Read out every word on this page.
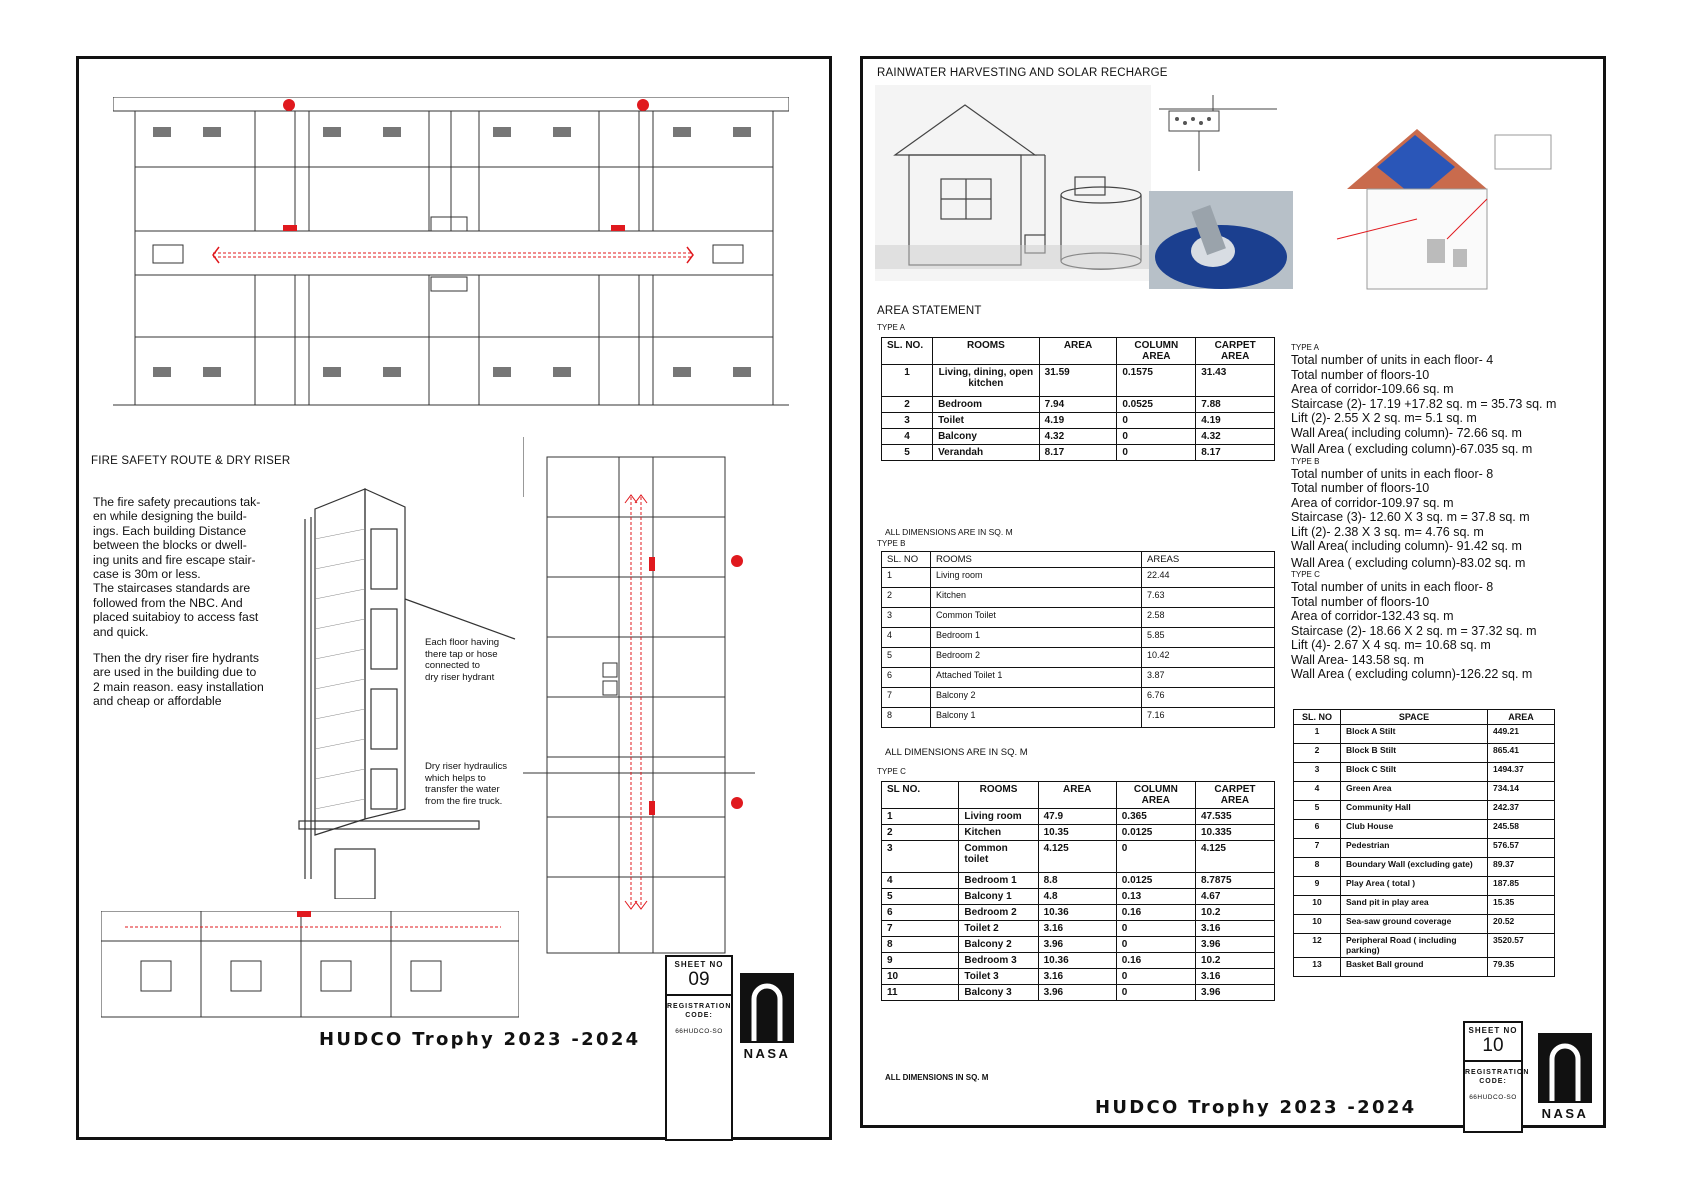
FIRE SAFETY ROUTE & DRY RISER
The fire safety precautions tak-
en while designing the build-
ings. Each building Distance
between the blocks or dwell-
ing units and fire escape stair-
case is 30m or less.
The staircases standards are
followed from the NBC. And
placed suitabioy to access fast
and quick.
Then the dry riser fire hydrants
are used in the building due to
2 main reason. easy installation
and cheap or affordable
Each floor having
there tap or hose
connected to
dry riser hydrant
Dry riser hydraulics
which helps to
transfer the water
from the fire truck.
HUDCO Trophy 2023 -2024
SHEET NO
09
REGISTRATION
CODE:
66HUDCO-SO
NASA
RAINWATER HARVESTING AND SOLAR RECHARGE
AREA STATEMENT
TYPE A
SL. NO.	ROOMS	AREA	COLUMN AREA	CARPET AREA
1	Living, dining, open kitchen	31.59	0.1575	31.43
2	Bedroom	7.94	0.0525	7.88
3	Toilet	4.19	0	4.19
4	Balcony	4.32	0	4.32
5	Verandah	8.17	0	8.17
ALL DIMENSIONS ARE IN SQ. M
TYPE B
SL. NO	ROOMS	AREAS
1	Living room	22.44
2	Kitchen	7.63
3	Common Toilet	2.58
4	Bedroom 1	5.85
5	Bedroom 2	10.42
6	Attached Toilet 1	3.87
7	Balcony 2	6.76
8	Balcony 1	7.16
ALL DIMENSIONS ARE IN SQ. M
TYPE C
SL NO.	ROOMS	AREA	COLUMN AREA	CARPET AREA
1	Living room	47.9	0.365	47.535
2	Kitchen	10.35	0.0125	10.335
3	Common toilet	4.125	0	4.125
4	Bedroom 1	8.8	0.0125	8.7875
5	Balcony 1	4.8	0.13	4.67
6	Bedroom 2	10.36	0.16	10.2
7	Toilet 2	3.16	0	3.16
8	Balcony 2	3.96	0	3.96
9	Bedroom 3	10.36	0.16	10.2
10	Toilet 3	3.16	0	3.16
11	Balcony 3	3.96	0	3.96
ALL DIMENSIONS IN SQ. M
TYPE A
Total number of units in each floor- 4
Total number of floors-10
Area of corridor-109.66 sq. m
Staircase (2)- 17.19 +17.82 sq. m = 35.73 sq. m
Lift (2)- 2.55 X 2 sq. m= 5.1 sq. m
Wall Area( including column)- 72.66 sq. m
Wall Area ( excluding column)-67.035 sq. m
TYPE B
Total number of units in each floor- 8
Total number of floors-10
Area of corridor-109.97 sq. m
Staircase (3)- 12.60 X 3 sq. m = 37.8 sq. m
Lift (2)- 2.38 X 3 sq. m= 4.76 sq. m
Wall Area( including column)- 91.42 sq. m
Wall Area ( excluding column)-83.02 sq. m
TYPE C
Total number of units in each floor- 8
Total number of floors-10
Area of corridor-132.43 sq. m
Staircase (2)- 18.66 X 2 sq. m = 37.32 sq. m
Lift (4)- 2.67 X 4 sq. m= 10.68 sq. m
Wall Area- 143.58 sq. m
Wall Area ( excluding column)-126.22 sq. m
SL. NO	SPACE	AREA
1	Block A Stilt	449.21
2	Block B Stilt	865.41
3	Block C Stilt	1494.37
4	Green Area	734.14
5	Community Hall	242.37
6	Club House	245.58
7	Pedestrian	576.57
8	Boundary Wall (excluding gate)	89.37
9	Play Area ( total )	187.85
10	Sand pit in play area	15.35
10	Sea-saw ground coverage	20.52
12	Peripheral Road ( including parking)	3520.57
13	Basket Ball ground	79.35
HUDCO Trophy 2023 -2024
SHEET NO
10
REGISTRATION
CODE:
66HUDCO-SO
NASA
